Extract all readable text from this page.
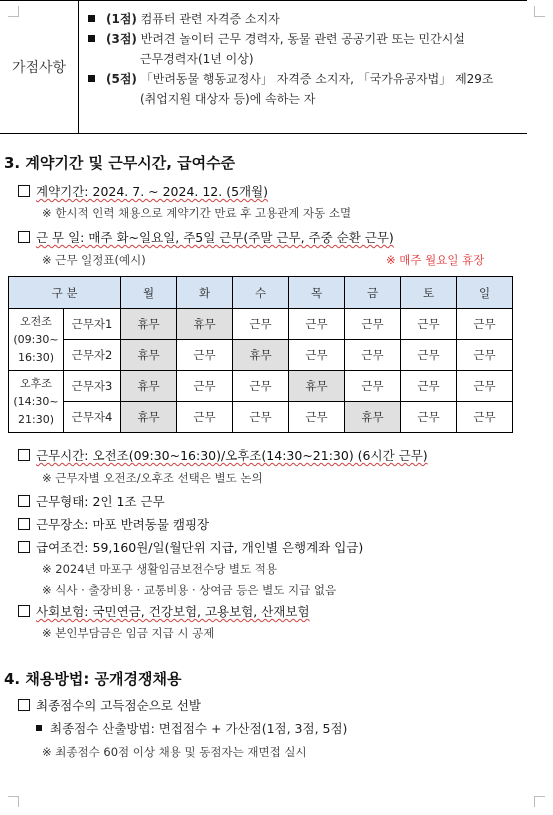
가점사항
(1점) 컴퓨터 관련 자격증 소지자
(3점) 반려견 놀이터 근무 경력자, 동물 관련 공공기관 또는 민간시설
근무경력자(1년 이상)
(5점) 「반려동물 행동교정사」 자격증 소지자, 「국가유공자법」 제29조
(취업지원 대상자 등)에 속하는 자
3. 계약기간 및 근무시간, 급여수준
계약기간: 2024. 7. ~ 2024. 12. (5개월)
※ 한시적 인력 채용으로 계약기간 만료 후 고용관계 자동 소멸
근 무 일: 매주 화~일요일, 주5일 근무(주말 근무, 주중 순환 근무)
※ 근무 일정표(예시)	※ 매주 월요일 휴장
구 분		월	화	수	목	금	토	일
오전조
(09:30~
16:30)	근무자1	휴무	휴무	근무	근무	근무	근무	근무
	근무자2	휴무	근무	휴무	근무	근무	근무	근무
오후조
(14:30~
21:30)	근무자3	휴무	근무	근무	휴무	근무	근무	근무
	근무자4	휴무	근무	근무	근무	휴무	근무	근무
근무시간: 오전조(09:30~16:30)/오후조(14:30~21:30) (6시간 근무)
※ 근무자별 오전조/오후조 선택은 별도 논의
근무형태: 2인 1조 근무
근무장소: 마포 반려동물 캠핑장
급여조건: 59,160원/일(월단위 지급, 개인별 은행계좌 입금)
※ 2024년 마포구 생활임금보전수당 별도 적용
※ 식사 · 출장비용 · 교통비용 · 상여금 등은 별도 지급 없음
사회보험: 국민연금, 건강보험, 고용보험, 산재보험
※ 본인부담금은 임금 지급 시 공제
4. 채용방법: 공개경쟁채용
최종점수의 고득점순으로 선발
최종점수 산출방법: 면접점수 + 가산점(1점, 3점, 5점)
※ 최종점수 60점 이상 채용 및 동점자는 재면접 실시
